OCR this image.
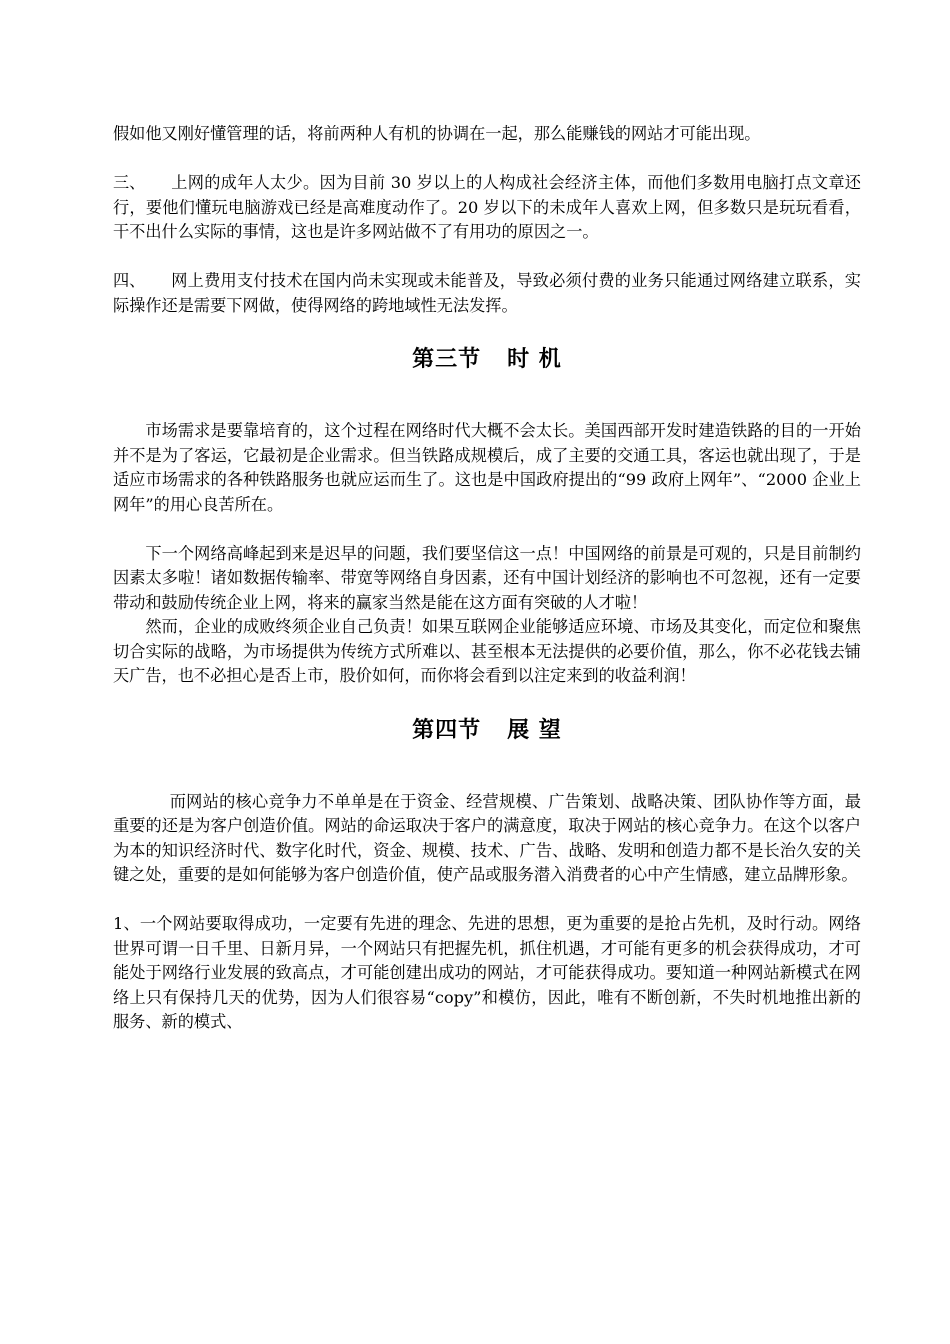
假如他又刚好懂管理的话，将前两种人有机的协调在一起，那么能赚钱的网站才可能出现。

三、 上网的成年人太少。因为目前 30 岁以上的人构成社会经济主体，而他们多数用电脑打点文章还行，要他们懂玩电脑游戏已经是高难度动作了。20 岁以下的未成年人喜欢上网，但多数只是玩玩看看，干不出什么实际的事情，这也是许多网站做不了有用功的原因之一。

四、 网上费用支付技术在国内尚未实现或未能普及，导致必须付费的业务只能通过网络建立联系，实际操作还是需要下网做，使得网络的跨地域性无法发挥。

第三节   时 机

市场需求是要靠培育的，这个过程在网络时代大概不会太长。美国西部开发时建造铁路的目的一开始并不是为了客运，它最初是企业需求。但当铁路成规模后，成了主要的交通工具，客运也就出现了，于是适应市场需求的各种铁路服务也就应运而生了。这也是中国政府提出的“99 政府上网年”、“2000 企业上网年”的用心良苦所在。

下一个网络高峰起到来是迟早的问题，我们要坚信这一点！中国网络的前景是可观的，只是目前制约因素太多啦！诸如数据传输率、带宽等网络自身因素，还有中国计划经济的影响也不可忽视，还有一定要带动和鼓励传统企业上网，将来的赢家当然是能在这方面有突破的人才啦！

然而，企业的成败终须企业自己负责！如果互联网企业能够适应环境、市场及其变化，而定位和聚焦切合实际的战略，为市场提供为传统方式所难以、甚至根本无法提供的必要价值，那么，你不必花钱去铺天广告，也不必担心是否上市，股价如何，而你将会看到以注定来到的收益利润！

第四节   展 望

而网站的核心竞争力不单单是在于资金、经营规模、广告策划、战略决策、团队协作等方面，最重要的还是为客户创造价值。网站的命运取决于客户的满意度，取决于网站的核心竞争力。在这个以客户为本的知识经济时代、数字化时代，资金、规模、技术、广告、战略、发明和创造力都不是长治久安的关键之处，重要的是如何能够为客户创造价值，使产品或服务潜入消费者的心中产生情感，建立品牌形象。

1、一个网站要取得成功，一定要有先进的理念、先进的思想，更为重要的是抢占先机，及时行动。网络世界可谓一日千里、日新月异，一个网站只有把握先机，抓住机遇，才可能有更多的机会获得成功，才可能处于网络行业发展的致高点，才可能创建出成功的网站，才可能获得成功。要知道一种网站新模式在网络上只有保持几天的优势，因为人们很容易“copy”和模仿，因此，唯有不断创新，不失时机地推出新的服务、新的模式、
